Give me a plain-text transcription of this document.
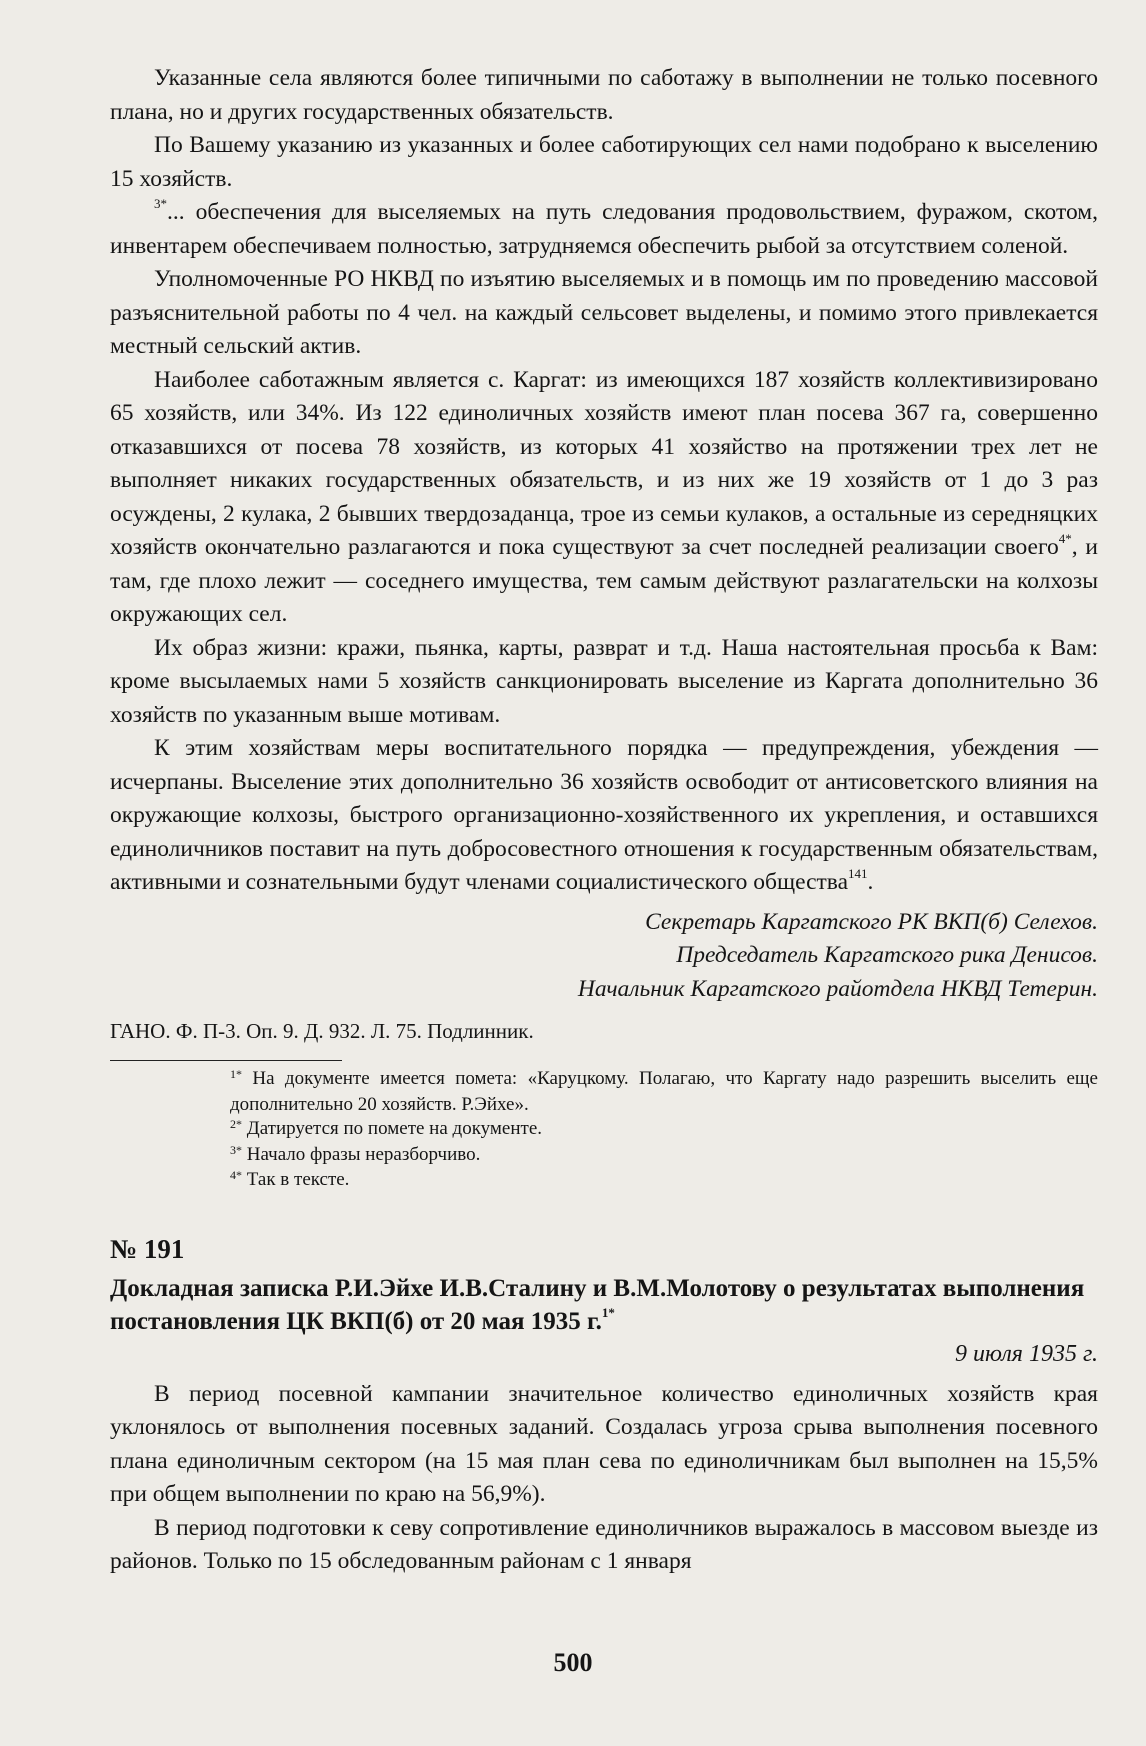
Указанные села являются более типичными по саботажу в выполнении не только посевного плана, но и других государственных обязательств.

По Вашему указанию из указанных и более саботирующих сел нами подобрано к выселению 15 хозяйств.

$^{3*}$... обеспечения для выселяемых на путь следования продовольствием, фуражом, скотом, инвентарем обеспечиваем полностью, затрудняемся обеспечить рыбой за отсутствием соленой.

Уполномоченные РО НКВД по изъятию выселяемых и в помощь им по проведению массовой разъяснительной работы по 4 чел. на каждый сельсовет выделены, и помимо этого привлекается местный сельский актив.

Наиболее саботажным является с. Каргат: из имеющихся 187 хозяйств коллективизировано 65 хозяйств, или 34%. Из 122 единоличных хозяйств имеют план посева 367 га, совершенно отказавшихся от посева 78 хозяйств, из которых 41 хозяйство на протяжении трех лет не выполняет никаких государственных обязательств, и из них же 19 хозяйств от 1 до 3 раз осуждены, 2 кулака, 2 бывших твердозаданца, трое из семьи кулаков, а остальные из середняцких хозяйств окончательно разлагаются и пока существуют за счет последней реализации своего$^{4*}$, и там, где плохо лежит — соседнего имущества, тем самым действуют разлагательски на колхозы окружающих сел.

Их образ жизни: кражи, пьянка, карты, разврат и т.д. Наша настоятельная просьба к Вам: кроме высылаемых нами 5 хозяйств санкционировать выселение из Каргата дополнительно 36 хозяйств по указанным выше мотивам.

К этим хозяйствам меры воспитательного порядка — предупреждения, убеждения — исчерпаны. Выселение этих дополнительно 36 хозяйств освободит от антисоветского влияния на окружающие колхозы, быстрого организационно-хозяйственного их укрепления, и оставшихся единоличников поставит на путь добросовестного отношения к государственным обязательствам, активными и сознательными будут членами социалистического общества$^{141}$.

Секретарь Каргатского РК ВКП(б) Селехов.

Председатель Каргатского рика Денисов.

Начальник Каргатского райотдела НКВД Тетерин.

ГАНО. Ф. П-3. Оп. 9. Д. 932. Л. 75. Подлинник.

$^{1*}$ На документе имеется помета: «Каруцкому. Полагаю, что Каргату надо разрешить выселить еще дополнительно 20 хозяйств. Р.Эйхе».

$^{2*}$ Датируется по помете на документе.

$^{3*}$ Начало фразы неразборчиво.

$^{4*}$ Так в тексте.

№ 191

Докладная записка Р.И.Эйхе И.В.Сталину и В.М.Молотову о результатах выполнения постановления ЦК ВКП(б) от 20 мая 1935 г.$^{1*}$

9 июля 1935 г.

В период посевной кампании значительное количество единоличных хозяйств края уклонялось от выполнения посевных заданий. Создалась угроза срыва выполнения посевного плана единоличным сектором (на 15 мая план сева по единоличникам был выполнен на 15,5% при общем выполнении по краю на 56,9%).

В период подготовки к севу сопротивление единоличников выражалось в массовом выезде из районов. Только по 15 обследованным районам с 1 января

500
